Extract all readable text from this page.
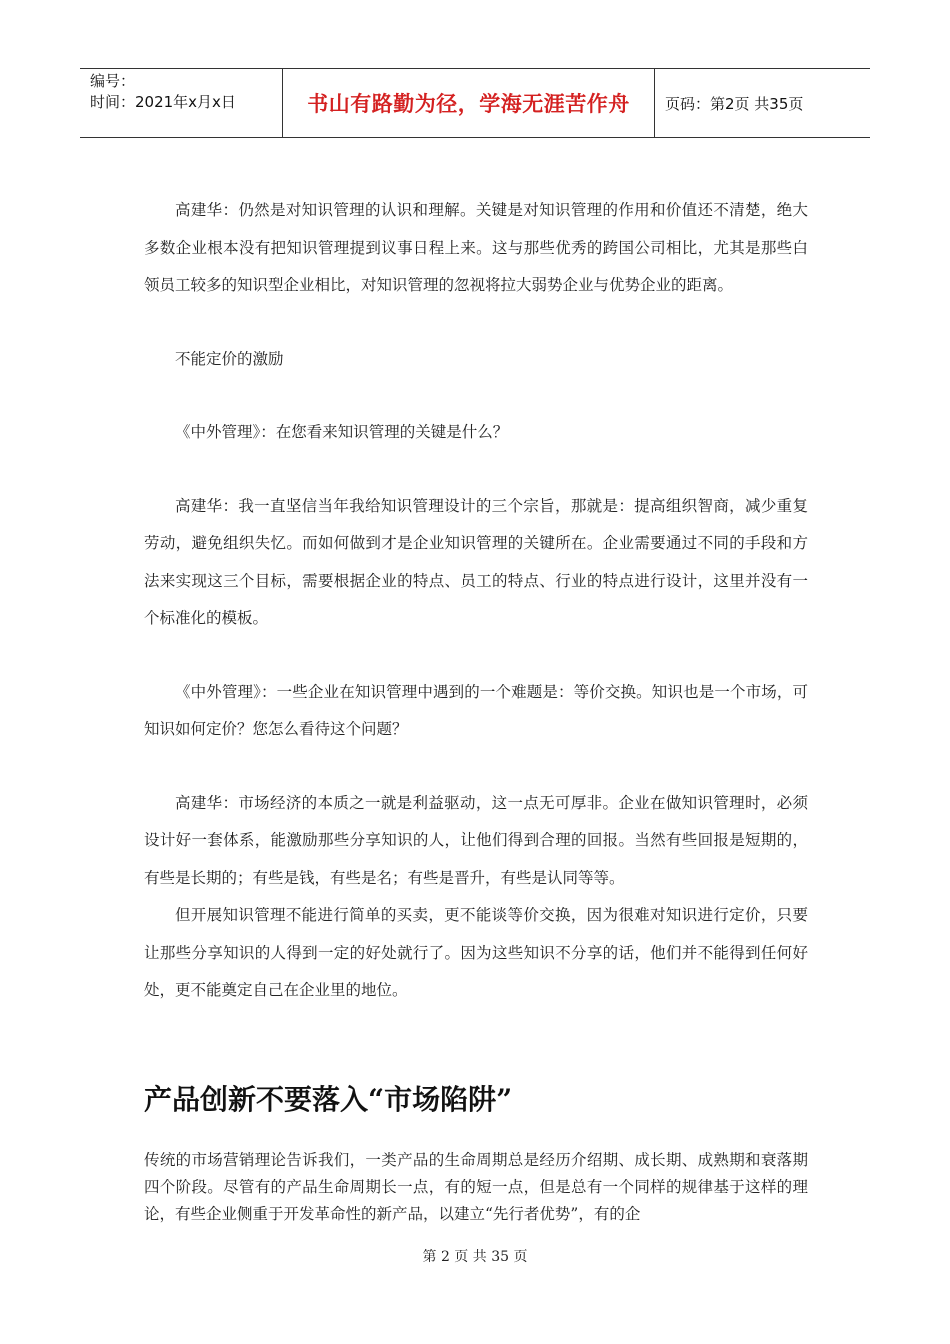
编号：
时间：2021年x月x日	书山有路勤为径，学海无涯苦作舟	页码：第2页 共35页

高建华：仍然是对知识管理的认识和理解。关键是对知识管理的作用和价值还不清楚，绝大多数企业根本没有把知识管理提到议事日程上来。这与那些优秀的跨国公司相比，尤其是那些白领员工较多的知识型企业相比，对知识管理的忽视将拉大弱势企业与优势企业的距离。

不能定价的激励

《中外管理》：在您看来知识管理的关键是什么？

高建华：我一直坚信当年我给知识管理设计的三个宗旨，那就是：提高组织智商，减少重复劳动，避免组织失忆。而如何做到才是企业知识管理的关键所在。企业需要通过不同的手段和方法来实现这三个目标，需要根据企业的特点、员工的特点、行业的特点进行设计，这里并没有一个标准化的模板。

《中外管理》：一些企业在知识管理中遇到的一个难题是：等价交换。知识也是一个市场，可知识如何定价？您怎么看待这个问题？

高建华：市场经济的本质之一就是利益驱动，这一点无可厚非。企业在做知识管理时，必须设计好一套体系，能激励那些分享知识的人，让他们得到合理的回报。当然有些回报是短期的，有些是长期的；有些是钱，有些是名；有些是晋升，有些是认同等等。

但开展知识管理不能进行简单的买卖，更不能谈等价交换，因为很难对知识进行定价，只要让那些分享知识的人得到一定的好处就行了。因为这些知识不分享的话，他们并不能得到任何好处，更不能奠定自己在企业里的地位。

产品创新不要落入“市场陷阱”

传统的市场营销理论告诉我们，一类产品的生命周期总是经历介绍期、成长期、成熟期和衰落期四个阶段。尽管有的产品生命周期长一点，有的短一点，但是总有一个同样的规律基于这样的理论，有些企业侧重于开发革命性的新产品，以建立“先行者优势”，有的企

第 2 页 共 35 页
